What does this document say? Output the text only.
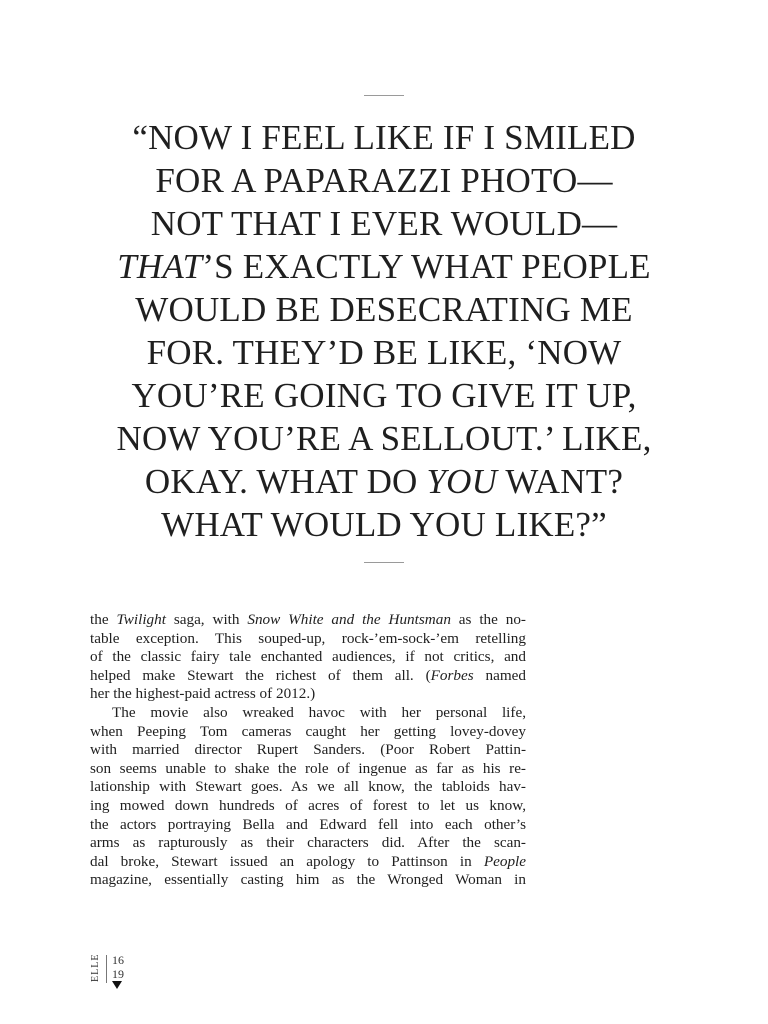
“NOW I FEEL LIKE IF I SMILED
FOR A PAPARAZZI PHOTO—
NOT THAT I EVER WOULD—
THAT’S EXACTLY WHAT PEOPLE
WOULD BE DESECRATING ME
FOR. THEY’D BE LIKE, ‘NOW
YOU’RE GOING TO GIVE IT UP,
NOW YOU’RE A SELLOUT.’ LIKE,
OKAY. WHAT DO YOU WANT?
WHAT WOULD YOU LIKE?”
the Twilight saga, with Snow White and the Huntsman as the no-
table exception. This souped-up, rock-’em-sock-’em retelling
of the classic fairy tale enchanted audiences, if not critics, and
helped make Stewart the richest of them all. (Forbes named
her the highest-paid actress of 2012.)
The movie also wreaked havoc with her personal life,
when Peeping Tom cameras caught her getting lovey-dovey
with married director Rupert Sanders. (Poor Robert Pattin-
son seems unable to shake the role of ingenue as far as his re-
lationship with Stewart goes. As we all know, the tabloids hav-
ing mowed down hundreds of acres of forest to let us know,
the actors portraying Bella and Edward fell into each other’s
arms as rapturously as their characters did. After the scan-
dal broke, Stewart issued an apology to Pattinson in People
magazine, essentially casting him as the Wronged Woman in
ELLE 16
19
